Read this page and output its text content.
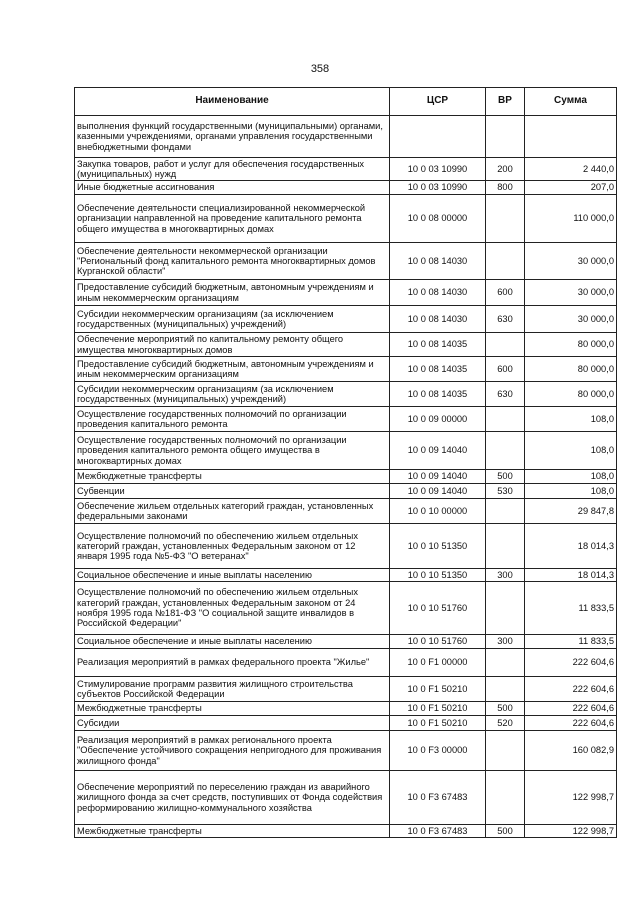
358
Наименование	ЦСР	ВР	Сумма
выполнения функций государственными (муниципальными) органами, казенными учреждениями, органами управления государственными внебюджетными фондами			
Закупка товаров, работ и услуг для обеспечения государственных (муниципальных) нужд	10 0 03 10990	200	2 440,0
Иные бюджетные ассигнования	10 0 03 10990	800	207,0
Обеспечение деятельности специализированной некоммерческой организации направленной на проведение капитального ремонта общего имущества в многоквартирных домах	10 0 08 00000		110 000,0
Обеспечение деятельности некоммерческой организации "Региональный фонд капитального ремонта многоквартирных домов Курганской области"	10 0 08 14030		30 000,0
Предоставление субсидий бюджетным, автономным учреждениям и иным некоммерческим организациям	10 0 08 14030	600	30 000,0
Субсидии некоммерческим организациям (за исключением государственных (муниципальных) учреждений)	10 0 08 14030	630	30 000,0
Обеспечение мероприятий по капитальному ремонту общего имущества многоквартирных домов	10 0 08 14035		80 000,0
Предоставление субсидий бюджетным, автономным учреждениям и иным некоммерческим организациям	10 0 08 14035	600	80 000,0
Субсидии некоммерческим организациям (за исключением государственных (муниципальных) учреждений)	10 0 08 14035	630	80 000,0
Осуществление государственных полномочий по организации проведения капитального ремонта	10 0 09 00000		108,0
Осуществление государственных полномочий по организации проведения капитального ремонта общего имущества в многоквартирных домах	10 0 09 14040		108,0
Межбюджетные трансферты	10 0 09 14040	500	108,0
Субвенции	10 0 09 14040	530	108,0
Обеспечение жильем отдельных категорий граждан, установленных федеральными законами	10 0 10 00000		29 847,8
Осуществление полномочий по обеспечению жильем отдельных категорий граждан, установленных Федеральным законом от 12 января 1995 года №5-ФЗ "О ветеранах"	10 0 10 51350		18 014,3
Социальное обеспечение и иные выплаты населению	10 0 10 51350	300	18 014,3
Осуществление полномочий по обеспечению жильем отдельных категорий граждан, установленных Федеральным законом от 24 ноября 1995 года №181-ФЗ "О социальной защите инвалидов в Российской Федерации"	10 0 10 51760		11 833,5
Социальное обеспечение и иные выплаты населению	10 0 10 51760	300	11 833,5
Реализация мероприятий в рамках федерального проекта "Жилье"	10 0 F1 00000		222 604,6
Стимулирование программ развития жилищного строительства субъектов Российской Федерации	10 0 F1 50210		222 604,6
Межбюджетные трансферты	10 0 F1 50210	500	222 604,6
Субсидии	10 0 F1 50210	520	222 604,6
Реализация мероприятий в рамках регионального проекта "Обеспечение устойчивого сокращения непригодного для проживания жилищного фонда"	10 0 F3 00000		160 082,9
Обеспечение мероприятий по переселению граждан из аварийного жилищного фонда за счет средств, поступивших от Фонда содействия реформированию жилищно-коммунального хозяйства	10 0 F3 67483		122 998,7
Межбюджетные трансферты	10 0 F3 67483	500	122 998,7
